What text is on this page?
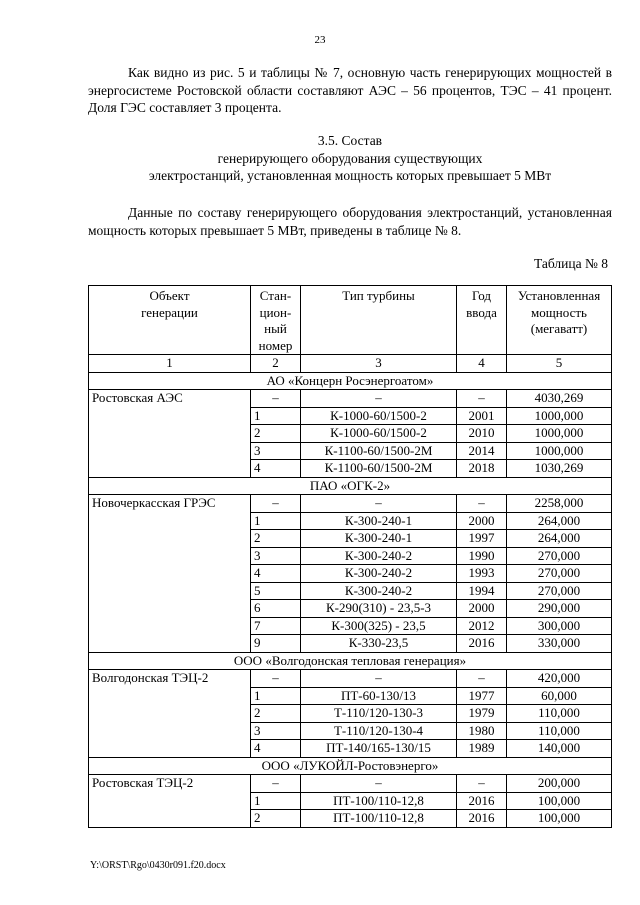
23
Как видно из рис. 5 и таблицы № 7, основную часть генерирующих мощностей в энергосистеме Ростовской области составляют АЭС – 56 процентов, ТЭС – 41 процент. Доля ГЭС составляет 3 процента.
3.5. Состав
генерирующего оборудования существующих
электростанций, установленная мощность которых превышает 5 МВт
Данные по составу генерирующего оборудования электростанций, установленная мощность которых превышает 5 МВт, приведены в таблице № 8.
Таблица № 8
Объект генерации	Стан-цион-ный номер	Тип турбины	Год ввода	Установленная мощность (мегаватт)
1	2	3	4	5
АО «Концерн Росэнергоатом»				
Ростовская АЭС	–	–	–	4030,269
	1	К-1000-60/1500-2	2001	1000,000
	2	К-1000-60/1500-2	2010	1000,000
	3	К-1100-60/1500-2М	2014	1000,000
	4	К-1100-60/1500-2М	2018	1030,269
ПАО «ОГК-2»				
Новочеркасская ГРЭС	–	–	–	2258,000
	1	К-300-240-1	2000	264,000
	2	К-300-240-1	1997	264,000
	3	К-300-240-2	1990	270,000
	4	К-300-240-2	1993	270,000
	5	К-300-240-2	1994	270,000
	6	К-290(310) - 23,5-3	2000	290,000
	7	К-300(325) - 23,5	2012	300,000
	9	К-330-23,5	2016	330,000
ООО «Волгодонская тепловая генерация»				
Волгодонская ТЭЦ-2	–	–	–	420,000
	1	ПТ-60-130/13	1977	60,000
	2	Т-110/120-130-3	1979	110,000
	3	Т-110/120-130-4	1980	110,000
	4	ПТ-140/165-130/15	1989	140,000
ООО «ЛУКОЙЛ-Ростовэнерго»				
Ростовская ТЭЦ-2	–	–	–	200,000
	1	ПТ-100/110-12,8	2016	100,000
	2	ПТ-100/110-12,8	2016	100,000
Y:\ORST\Rgo\0430r091.f20.docx
